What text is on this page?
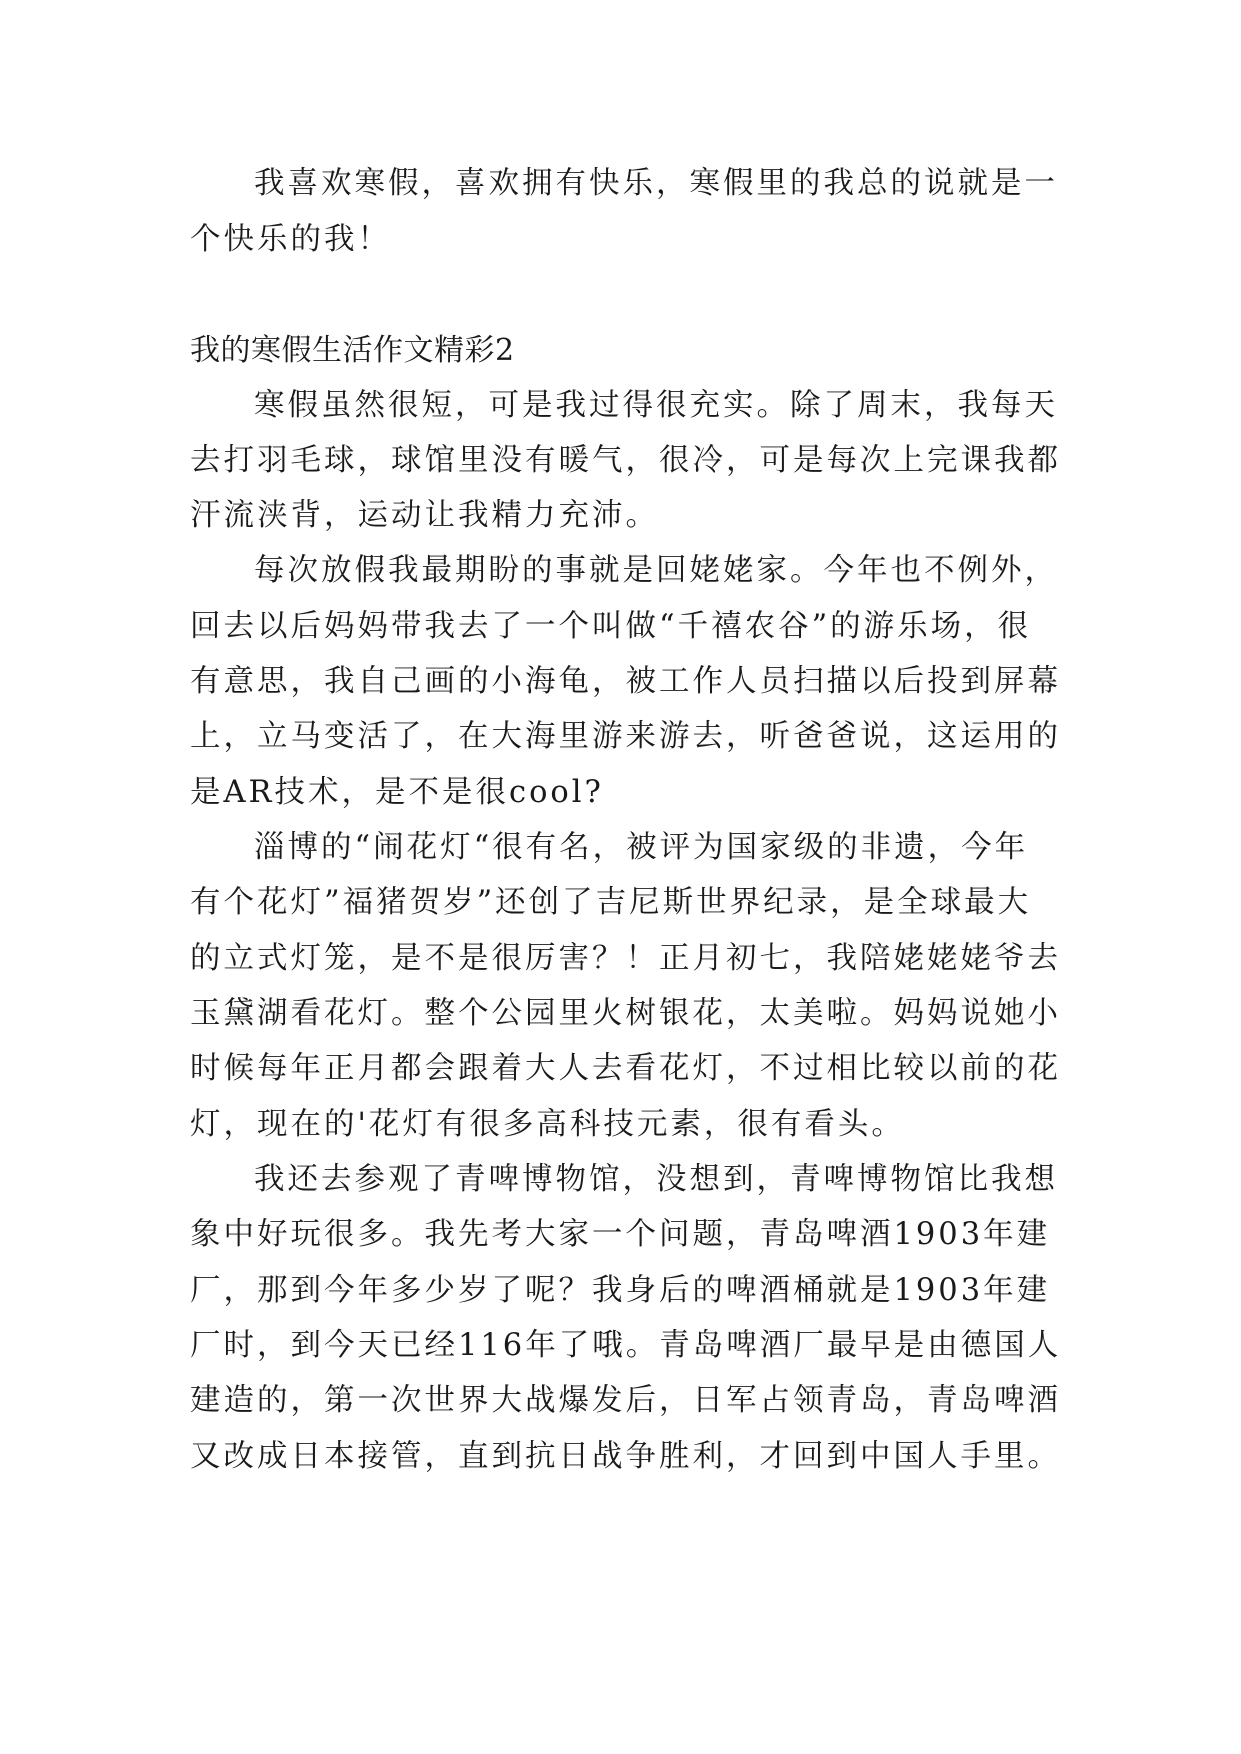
我喜欢寒假，喜欢拥有快乐，寒假里的我总的说就是一
个快乐的我！
我的寒假生活作文精彩2
寒假虽然很短，可是我过得很充实。除了周末，我每天
去打羽毛球，球馆里没有暖气，很冷，可是每次上完课我都
汗流浃背，运动让我精力充沛。
每次放假我最期盼的事就是回姥姥家。今年也不例外，
回去以后妈妈带我去了一个叫做“千禧农谷”的游乐场，很
有意思，我自己画的小海龟，被工作人员扫描以后投到屏幕
上，立马变活了，在大海里游来游去，听爸爸说，这运用的
是AR技术，是不是很cool?
淄博的“闹花灯“很有名，被评为国家级的非遗，今年
有个花灯”福猪贺岁”还创了吉尼斯世界纪录，是全球最大
的立式灯笼，是不是很厉害？！正月初七，我陪姥姥姥爷去
玉黛湖看花灯。整个公园里火树银花，太美啦。妈妈说她小
时候每年正月都会跟着大人去看花灯，不过相比较以前的花
灯，现在的'花灯有很多高科技元素，很有看头。
我还去参观了青啤博物馆，没想到，青啤博物馆比我想
象中好玩很多。我先考大家一个问题，青岛啤酒1903年建
厂，那到今年多少岁了呢？我身后的啤酒桶就是1903年建
厂时，到今天已经116年了哦。青岛啤酒厂最早是由德国人
建造的，第一次世界大战爆发后，日军占领青岛，青岛啤酒
又改成日本接管，直到抗日战争胜利，才回到中国人手里。
